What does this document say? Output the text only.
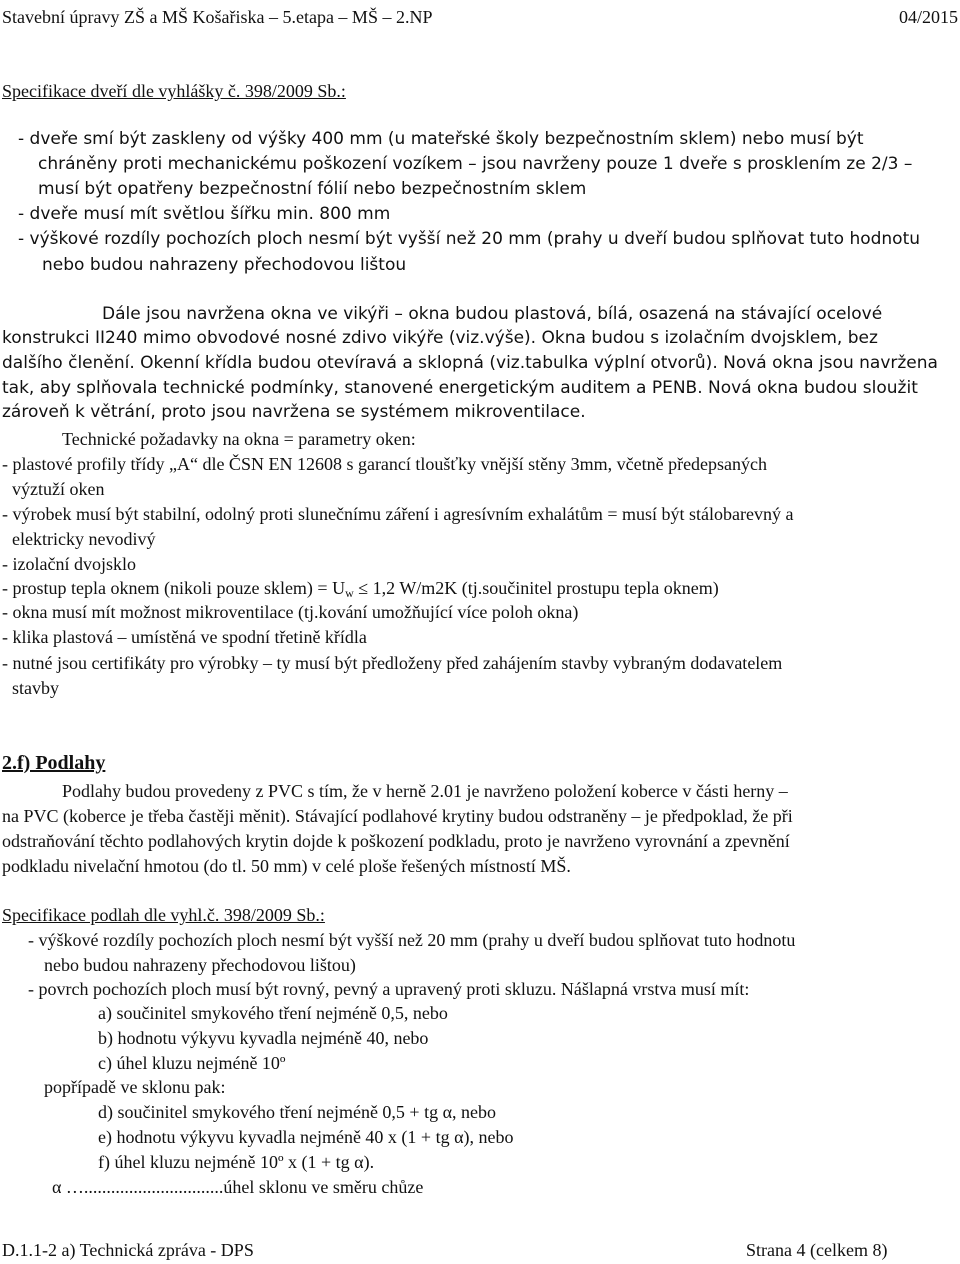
Stavební úpravy ZŠ a MŠ Košařiska – 5.etapa – MŠ – 2.NP	04/2015
Specifikace dveří dle vyhlášky č. 398/2009 Sb.:
- dveře smí být zaskleny od výšky 400 mm (u mateřské školy bezpečnostním sklem) nebo musí být
chráněny proti mechanickému poškození vozíkem – jsou navrženy pouze 1 dveře s prosklením ze 2/3 –
musí být opatřeny bezpečnostní fólií nebo bezpečnostním sklem
- dveře musí mít světlou šířku min. 800 mm
- výškové rozdíly pochozích ploch nesmí být vyšší než 20 mm (prahy u dveří budou splňovat tuto hodnotu
nebo budou nahrazeny přechodovou lištou
Dále jsou navržena okna ve vikýři – okna budou plastová, bílá, osazená na stávající ocelové
konstrukci II240 mimo obvodové nosné zdivo vikýře (viz.výše). Okna budou s izolačním dvojsklem, bez
dalšího členění. Okenní křídla budou otevíravá a sklopná (viz.tabulka výplní otvorů). Nová okna jsou navržena
tak, aby splňovala technické podmínky, stanovené energetickým auditem a PENB. Nová okna budou sloužit
zároveň k větrání, proto jsou navržena se systémem mikroventilace.
Technické požadavky na okna = parametry oken:
- plastové profily třídy „A“ dle ČSN EN 12608 s garancí tloušťky vnější stěny 3mm, včetně předepsaných
výztuží oken
- výrobek musí být stabilní, odolný proti slunečnímu záření i agresívním exhalátům = musí být stálobarevný a
elektricky nevodivý
- izolační dvojsklo
- prostup tepla oknem (nikoli pouze sklem) = $U_w \le 1,2$ W/m2K (tj.součinitel prostupu tepla oknem)
- okna musí mít možnost mikroventilace (tj.kování umožňující více poloh okna)
- klika plastová – umístěná ve spodní třetině křídla
- nutné jsou certifikáty pro výrobky – ty musí být předloženy před zahájením stavby vybraným dodavatelem
stavby
2.f) Podlahy
Podlahy budou provedeny z PVC s tím, že v herně 2.01 je navrženo položení koberce v části herny –
na PVC (koberce je třeba častěji měnit). Stávající podlahové krytiny budou odstraněny – je předpoklad, že při
odstraňování těchto podlahových krytin dojde k poškození podkladu, proto je navrženo vyrovnání a zpevnění
podkladu nivelační hmotou (do tl. 50 mm) v celé ploše řešených místností MŠ.
Specifikace podlah dle vyhl.č. 398/2009 Sb.:
- výškové rozdíly pochozích ploch nesmí být vyšší než 20 mm (prahy u dveří budou splňovat tuto hodnotu
nebo budou nahrazeny přechodovou lištou)
- povrch pochozích ploch musí být rovný, pevný a upravený proti skluzu. Nášlapná vrstva musí mít:
a) součinitel smykového tření nejméně 0,5, nebo
b) hodnotu výkyvu kyvadla nejméně 40, nebo
c) úhel kluzu nejméně 10º
popřípadě ve sklonu pak:
d) součinitel smykového tření nejméně 0,5 + tg α, nebo
e) hodnotu výkyvu kyvadla nejméně 40 x (1 + tg α), nebo
f) úhel kluzu nejméně 10º x (1 + tg α).
α …...............................úhel sklonu ve směru chůze
D.1.1-2 a) Technická zpráva - DPS	Strana 4 (celkem 8)
